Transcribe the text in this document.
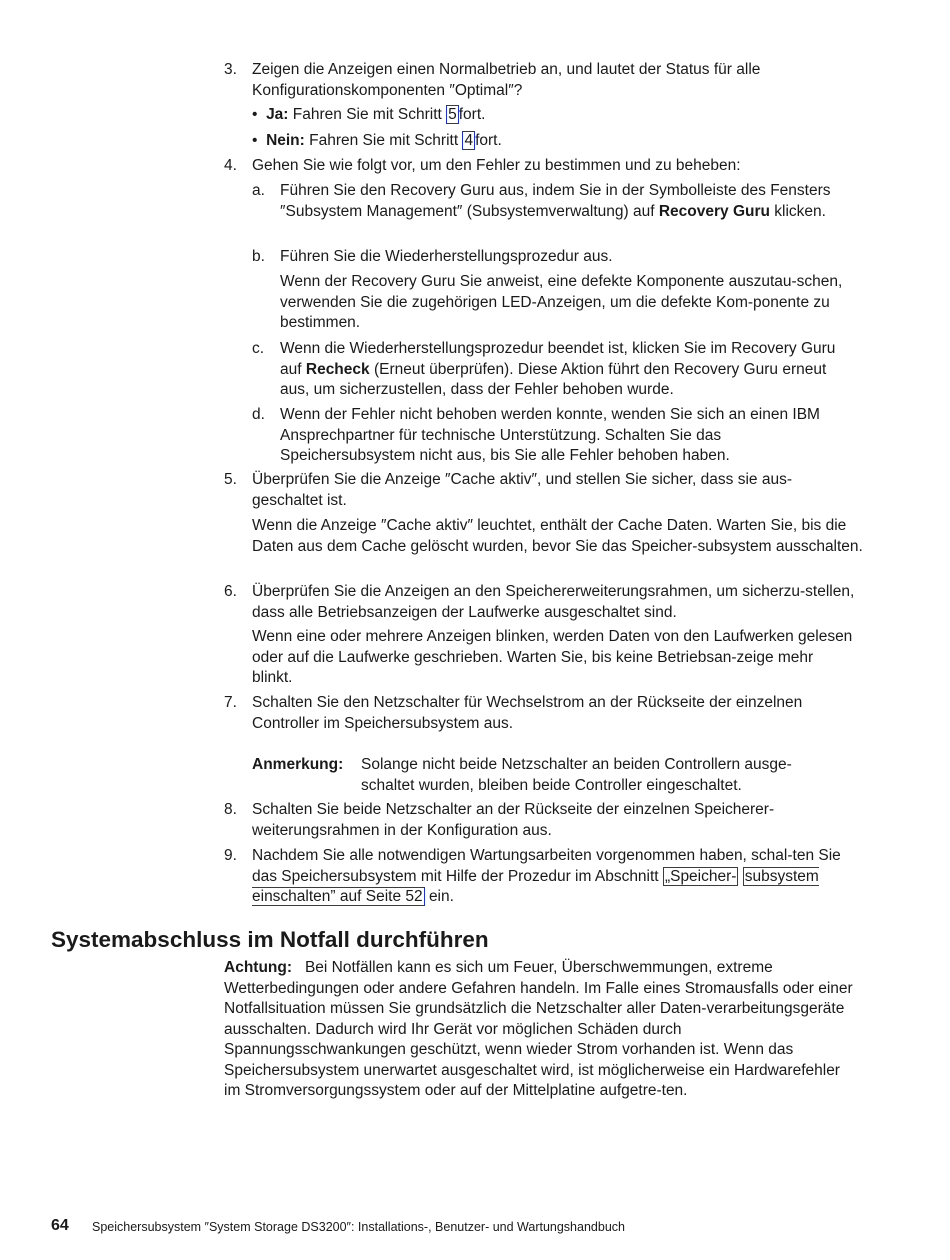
3. Zeigen die Anzeigen einen Normalbetrieb an, und lautet der Status für alle Konfigurationskomponenten ″Optimal″?
• Ja: Fahren Sie mit Schritt 5 fort.
• Nein: Fahren Sie mit Schritt 4 fort.
4. Gehen Sie wie folgt vor, um den Fehler zu bestimmen und zu beheben:
a. Führen Sie den Recovery Guru aus, indem Sie in der Symbolleiste des Fensters ″Subsystem Management″ (Subsystemverwaltung) auf Recovery Guru klicken.
b. Führen Sie die Wiederherstellungsprozedur aus.
Wenn der Recovery Guru Sie anweist, eine defekte Komponente auszutau-schen, verwenden Sie die zugehörigen LED-Anzeigen, um die defekte Kom-ponente zu bestimmen.
c.	Wenn die Wiederherstellungsprozedur beendet ist, klicken Sie im Recovery Guru auf Recheck (Erneut überprüfen). Diese Aktion führt den Recovery Guru erneut aus, um sicherzustellen, dass der Fehler behoben wurde.
d. Wenn der Fehler nicht behoben werden konnte, wenden Sie sich an einen IBM Ansprechpartner für technische Unterstützung. Schalten Sie das Speichersubsystem nicht aus, bis Sie alle Fehler behoben haben.
5. Überprüfen Sie die Anzeige ″Cache aktiv″, und stellen Sie sicher, dass sie aus-geschaltet ist.
Wenn die Anzeige ″Cache aktiv″ leuchtet, enthält der Cache Daten. Warten Sie, bis die Daten aus dem Cache gelöscht wurden, bevor Sie das Speicher-subsystem ausschalten.
6. Überprüfen Sie die Anzeigen an den Speichererweiterungsrahmen, um sicherzu-stellen, dass alle Betriebsanzeigen der Laufwerke ausgeschaltet sind.
Wenn eine oder mehrere Anzeigen blinken, werden Daten von den Laufwerken gelesen oder auf die Laufwerke geschrieben. Warten Sie, bis keine Betriebsan-zeige mehr blinkt.
7. Schalten Sie den Netzschalter für Wechselstrom an der Rückseite der einzelnen Controller im Speichersubsystem aus.
Anmerkung: Solange nicht beide Netzschalter an beiden Controllern ausge-schaltet wurden, bleiben beide Controller eingeschaltet.
8. Schalten Sie beide Netzschalter an der Rückseite der einzelnen Speicherer-weiterungsrahmen in der Konfiguration aus.
9. Nachdem Sie alle notwendigen Wartungsarbeiten vorgenommen haben, schal-ten Sie das Speichersubsystem mit Hilfe der Prozedur im Abschnitt „Speicher- subsystem einschalten” auf Seite 52 ein.
Systemabschluss im Notfall durchführen
Achtung: Bei Notfällen kann es sich um Feuer, Überschwemmungen, extreme Wetterbedingungen oder andere Gefahren handeln. Im Falle eines Stromausfalls oder einer Notfallsituation müssen Sie grundsätzlich die Netzschalter aller Daten-verarbeitungsgeräte ausschalten. Dadurch wird Ihr Gerät vor möglichen Schäden durch Spannungsschwankungen geschützt, wenn wieder Strom vorhanden ist. Wenn das Speichersubsystem unerwartet ausgeschaltet wird, ist möglicherweise ein Hardwarefehler im Stromversorgungssystem oder auf der Mittelplatine aufgetre-ten.
64 Speichersubsystem ″System Storage DS3200″: Installations-, Benutzer- und Wartungshandbuch
